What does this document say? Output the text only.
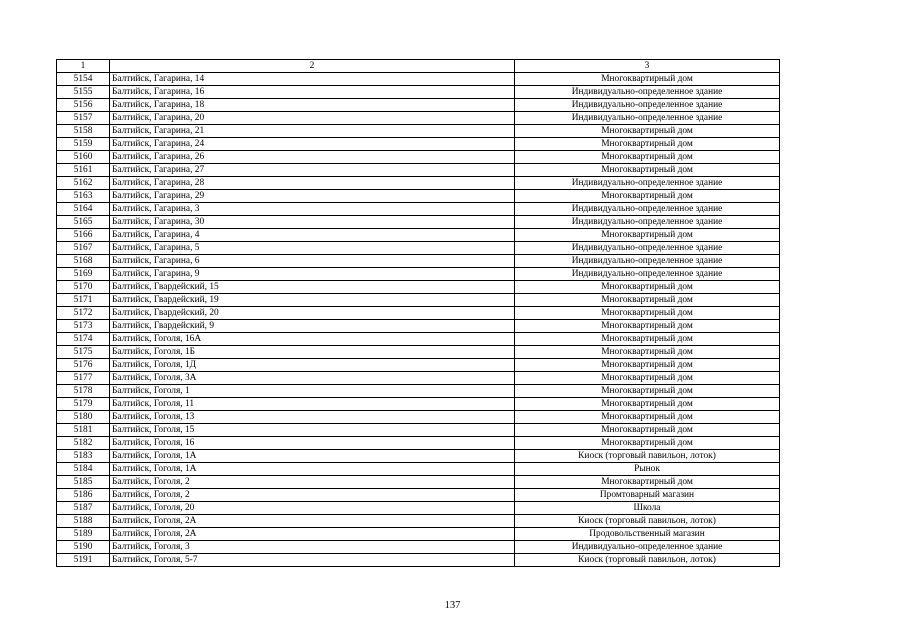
1	2	3
5154	Балтийск, Гагарина, 14	Многоквартирный дом
5155	Балтийск, Гагарина, 16	Индивидуально-определенное здание
5156	Балтийск, Гагарина, 18	Индивидуально-определенное здание
5157	Балтийск, Гагарина, 20	Индивидуально-определенное здание
5158	Балтийск, Гагарина, 21	Многоквартирный дом
5159	Балтийск, Гагарина, 24	Многоквартирный дом
5160	Балтийск, Гагарина, 26	Многоквартирный дом
5161	Балтийск, Гагарина, 27	Многоквартирный дом
5162	Балтийск, Гагарина, 28	Индивидуально-определенное здание
5163	Балтийск, Гагарина, 29	Многоквартирный дом
5164	Балтийск, Гагарина, 3	Индивидуально-определенное здание
5165	Балтийск, Гагарина, 30	Индивидуально-определенное здание
5166	Балтийск, Гагарина, 4	Многоквартирный дом
5167	Балтийск, Гагарина, 5	Индивидуально-определенное здание
5168	Балтийск, Гагарина, 6	Индивидуально-определенное здание
5169	Балтийск, Гагарина, 9	Индивидуально-определенное здание
5170	Балтийск, Гвардейский, 15	Многоквартирный дом
5171	Балтийск, Гвардейский, 19	Многоквартирный дом
5172	Балтийск, Гвардейский, 20	Многоквартирный дом
5173	Балтийск, Гвардейский, 9	Многоквартирный дом
5174	Балтийск, Гоголя, 16А	Многоквартирный дом
5175	Балтийск, Гоголя, 1Б	Многоквартирный дом
5176	Балтийск, Гоголя, 1Д	Многоквартирный дом
5177	Балтийск, Гоголя, 3А	Многоквартирный дом
5178	Балтийск, Гоголя, 1	Многоквартирный дом
5179	Балтийск, Гоголя, 11	Многоквартирный дом
5180	Балтийск, Гоголя, 13	Многоквартирный дом
5181	Балтийск, Гоголя, 15	Многоквартирный дом
5182	Балтийск, Гоголя, 16	Многоквартирный дом
5183	Балтийск, Гоголя, 1А	Киоск (торговый павильон, лоток)
5184	Балтийск, Гоголя, 1А	Рынок
5185	Балтийск, Гоголя, 2	Многоквартирный дом
5186	Балтийск, Гоголя, 2	Промтоварный магазин
5187	Балтийск, Гоголя, 20	Школа
5188	Балтийск, Гоголя, 2А	Киоск (торговый павильон, лоток)
5189	Балтийск, Гоголя, 2А	Продовольственный магазин
5190	Балтийск, Гоголя, 3	Индивидуально-определенное здание
5191	Балтийск, Гоголя, 5-7	Киоск (торговый павильон, лоток)
137
